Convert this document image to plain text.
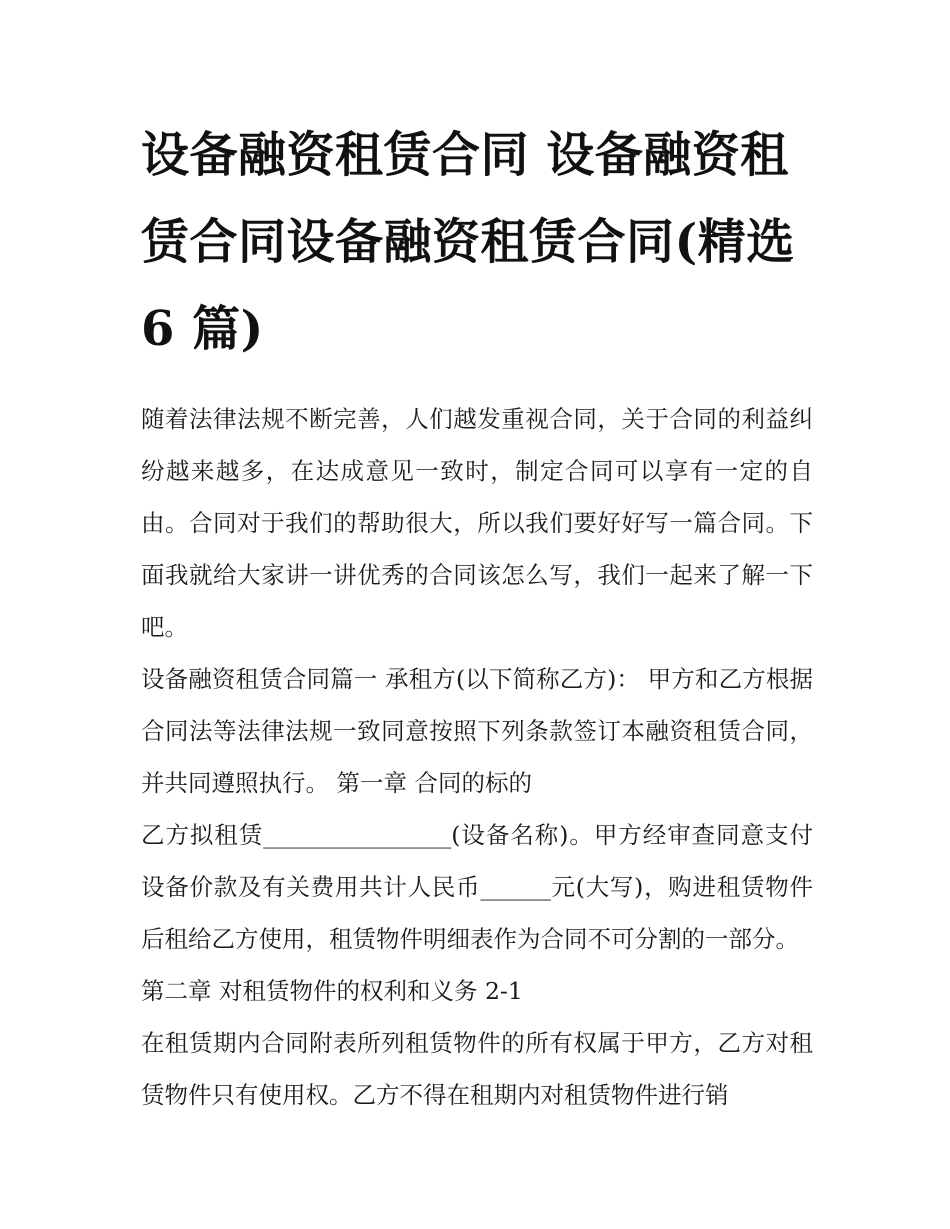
设备融资租赁合同 设备融资租赁合同设备融资租赁合同(精选 6 篇)

随着法律法规不断完善，人们越发重视合同，关于合同的利益纠纷越来越多，在达成意见一致时，制定合同可以享有一定的自由。合同对于我们的帮助很大，所以我们要好好写一篇合同。下面我就给大家讲一讲优秀的合同该怎么写，我们一起来了解一下吧。

设备融资租赁合同篇一 承租方(以下简称乙方)： 甲方和乙方根据合同法等法律法规一致同意按照下列条款签订本融资租赁合同，并共同遵照执行。 第一章 合同的标的

乙方拟租赁________________(设备名称)。甲方经审查同意支付设备价款及有关费用共计人民币______元(大写)，购进租赁物件后租给乙方使用，租赁物件明细表作为合同不可分割的一部分。

第二章 对租赁物件的权利和义务 2-1

在租赁期内合同附表所列租赁物件的所有权属于甲方，乙方对租赁物件只有使用权。乙方不得在租期内对租赁物件进行销
